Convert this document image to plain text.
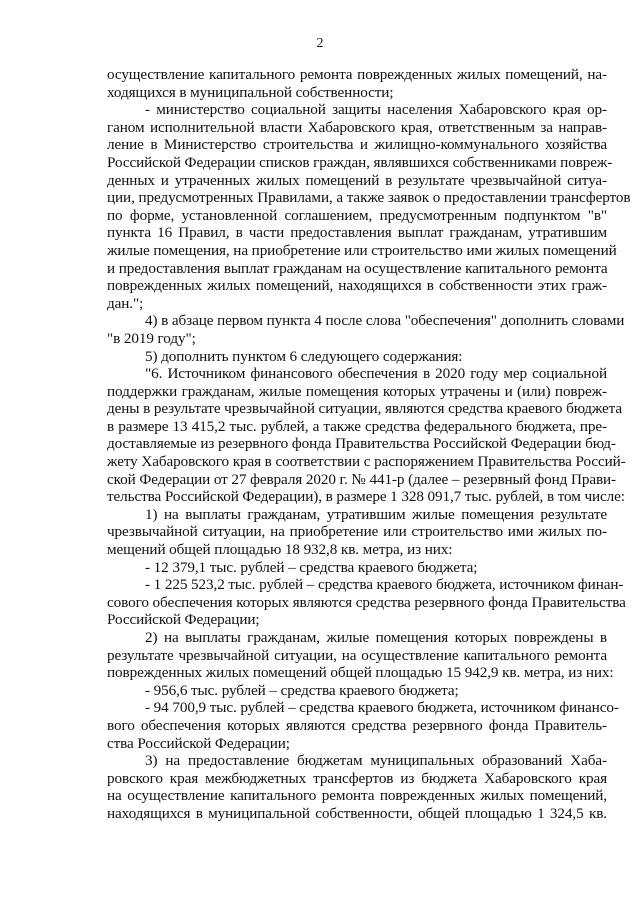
2
осуществление капитального ремонта поврежденных жилых помещений, на-
ходящихся в муниципальной собственности;
- министерство социальной защиты населения Хабаровского края ор-
ганом исполнительной власти Хабаровского края, ответственным за направ-
ление в Министерство строительства и жилищно-коммунального хозяйства
Российской Федерации списков граждан, являвшихся собственниками повреж-
денных и утраченных жилых помещений в результате чрезвычайной ситуа-
ции, предусмотренных Правилами, а также заявок о предоставлении трансфертов
по форме, установленной соглашением, предусмотренным подпунктом "в"
пункта 16 Правил, в части предоставления выплат гражданам, утратившим
жилые помещения, на приобретение или строительство ими жилых помещений
и предоставления выплат гражданам на осуществление капитального ремонта
поврежденных жилых помещений, находящихся в собственности этих граж-
дан.";
4) в абзаце первом пункта 4 после слова "обеспечения" дополнить словами
"в 2019 году";
5) дополнить пунктом 6 следующего содержания:
"6. Источником финансового обеспечения в 2020 году мер социальной
поддержки гражданам, жилые помещения которых утрачены и (или) повреж-
дены в результате чрезвычайной ситуации, являются средства краевого бюджета
в размере 13 415,2 тыс. рублей, а также средства федерального бюджета, пре-
доставляемые из резервного фонда Правительства Российской Федерации бюд-
жету Хабаровского края в соответствии с распоряжением Правительства Россий-
ской Федерации от 27 февраля 2020 г. № 441-р (далее – резервный фонд Прави-
тельства Российской Федерации), в размере 1 328 091,7 тыс. рублей, в том числе:
1) на выплаты гражданам, утратившим жилые помещения результате
чрезвычайной ситуации, на приобретение или строительство ими жилых по-
мещений общей площадью 18 932,8 кв. метра, из них:
- 12 379,1 тыс. рублей – средства краевого бюджета;
- 1 225 523,2 тыс. рублей – средства краевого бюджета, источником финан-
сового обеспечения которых являются средства резервного фонда Правительства
Российской Федерации;
2) на выплаты гражданам, жилые помещения которых повреждены в
результате чрезвычайной ситуации, на осуществление капитального ремонта
поврежденных жилых помещений общей площадью 15 942,9 кв. метра, из них:
- 956,6 тыс. рублей – средства краевого бюджета;
- 94 700,9 тыс. рублей – средства краевого бюджета, источником финансо-
вого обеспечения которых являются средства резервного фонда Правитель-
ства Российской Федерации;
3) на предоставление бюджетам муниципальных образований Хаба-
ровского края межбюджетных трансфертов из бюджета Хабаровского края
на осуществление капитального ремонта поврежденных жилых помещений,
находящихся в муниципальной собственности, общей площадью 1 324,5 кв.
